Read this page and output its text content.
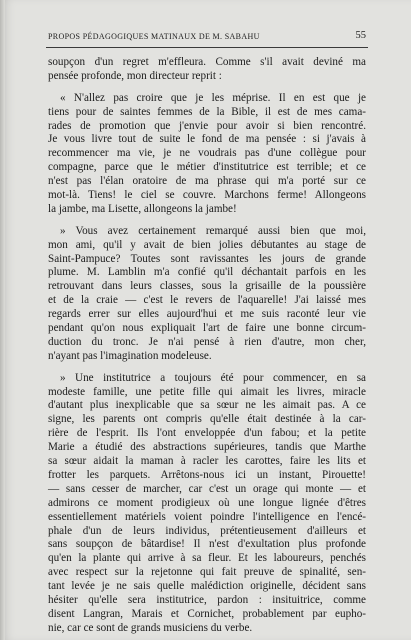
PROPOS PÉDAGOGIQUES MATINAUX DE M. SABAHU	55
soupçon d'un regret m'effleura. Comme s'il avait deviné ma
pensée profonde, mon directeur reprit :
« N'allez pas croire que je les méprise. Il en est que je
tiens pour de saintes femmes de la Bible, il est de mes cama-
rades de promotion que j'envie pour avoir si bien rencontré.
Je vous livre tout de suite le fond de ma pensée : si j'avais à
recommencer ma vie, je ne voudrais pas d'une collègue pour
compagne, parce que le métier d'institutrice est terrible; et ce
n'est pas l'élan oratoire de ma phrase qui m'a porté sur ce
mot-là. Tiens! le ciel se couvre. Marchons ferme! Allongeons
la jambe, ma Lisette, allongeons la jambe!
» Vous avez certainement remarqué aussi bien que moi,
mon ami, qu'il y avait de bien jolies débutantes au stage de
Saint-Pampuce? Toutes sont ravissantes les jours de grande
plume. M. Lamblin m'a confié qu'il déchantait parfois en les
retrouvant dans leurs classes, sous la grisaille de la poussière
et de la craie — c'est le revers de l'aquarelle! J'ai laissé mes
regards errer sur elles aujourd'hui et me suis raconté leur vie
pendant qu'on nous expliquait l'art de faire une bonne circum-
duction du tronc. Je n'ai pensé à rien d'autre, mon cher,
n'ayant pas l'imagination modeleuse.
» Une institutrice a toujours été pour commencer, en sa
modeste famille, une petite fille qui aimait les livres, miracle
d'autant plus inexplicable que sa sœur ne les aimait pas. A ce
signe, les parents ont compris qu'elle était destinée à la car-
rière de l'esprit. Ils l'ont enveloppée d'un fabou; et la petite
Marie a étudié des abstractions supérieures, tandis que Marthe
sa sœur aidait la maman à racler les carottes, faire les lits et
frotter les parquets. Arrêtons-nous ici un instant, Pirouette!
— sans cesser de marcher, car c'est un orage qui monte — et
admirons ce moment prodigieux où une longue lignée d'êtres
essentiellement matériels voient poindre l'intelligence en l'encé-
phale d'un de leurs individus, prétentieusement d'ailleurs et
sans soupçon de bâtardise! Il n'est d'exultation plus profonde
qu'en la plante qui arrive à sa fleur. Et les laboureurs, penchés
avec respect sur la rejetonne qui fait preuve de spinalité, sen-
tant levée je ne sais quelle malédiction originelle, décident sans
hésiter qu'elle sera institutrice, pardon : insituitrice, comme
disent Langran, Marais et Cornichet, probablement par eupho-
nie, car ce sont de grands musiciens du verbe.
